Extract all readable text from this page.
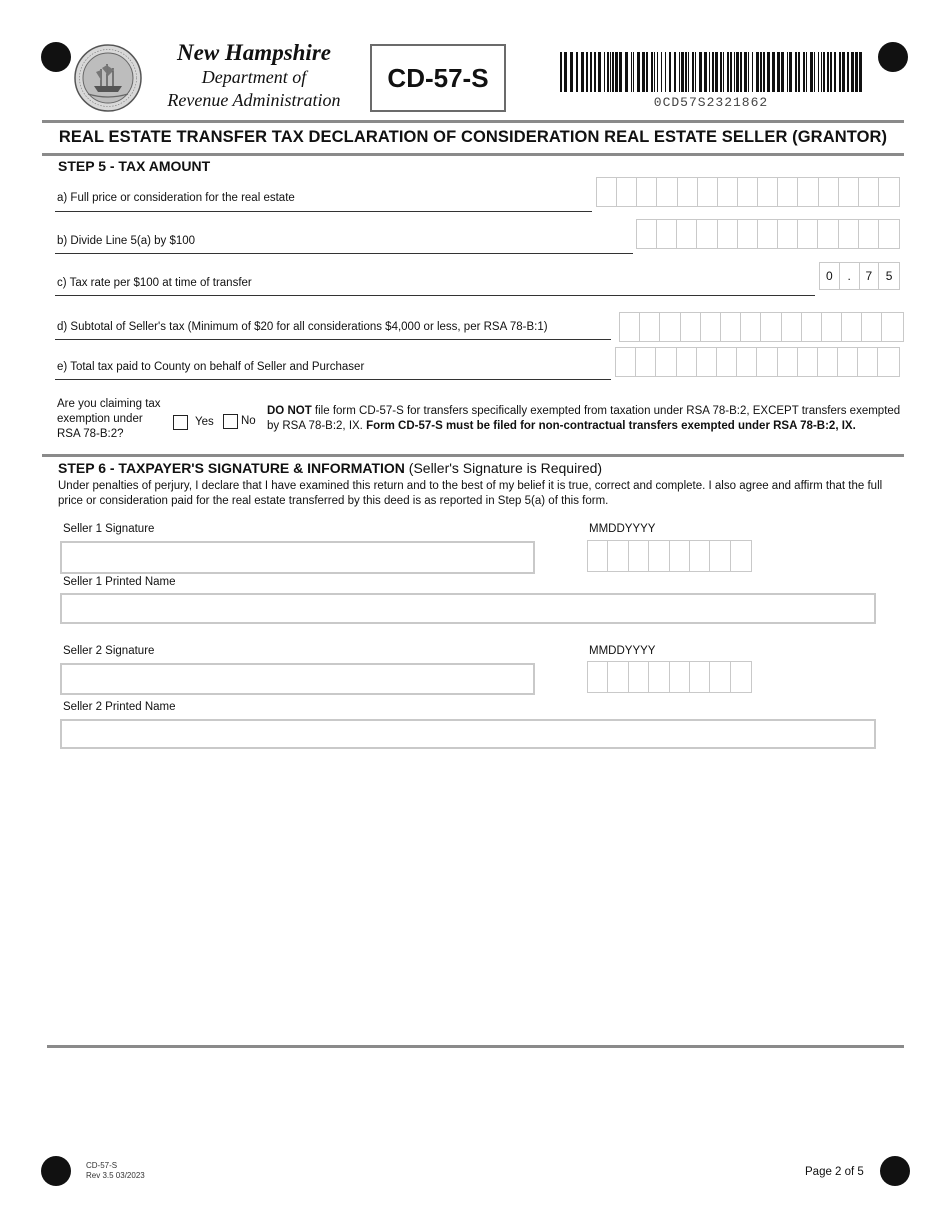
New Hampshire
Department of
Revenue Administration
CD-57-S
0CD57S2321862
REAL ESTATE TRANSFER TAX DECLARATION OF CONSIDERATION REAL ESTATE SELLER (GRANTOR)
STEP 5 - TAX AMOUNT
a) Full price or consideration for the real estate
b) Divide Line 5(a) by $100
c) Tax rate per $100 at time of transfer	0	.	7	5
d) Subtotal of Seller's tax (Minimum of $20 for all considerations $4,000 or less, per RSA 78-B:1)
e) Total tax paid to County on behalf of Seller and Purchaser
Are you claiming tax
exemption under
RSA 78-B:2?
Yes No
DO NOT file form CD-57-S for transfers specifically exempted from taxation under RSA 78-B:2, EXCEPT transfers exempted by RSA 78-B:2, IX. Form CD-57-S must be filed for non-contractual transfers exempted under RSA 78-B:2, IX.
STEP 6 - TAXPAYER'S SIGNATURE & INFORMATION (Seller's Signature is Required)
Under penalties of perjury, I declare that I have examined this return and to the best of my belief it is true, correct and complete. I also agree and affirm that the full price or consideration paid for the real estate transferred by this deed is as reported in Step 5(a) of this form.
Seller 1 Signature	MMDDYYYY
Seller 1 Printed Name
Seller 2 Signature	MMDDYYYY
Seller 2 Printed Name
CD-57-S
Rev 3.5 03/2023	Page 2 of 5
